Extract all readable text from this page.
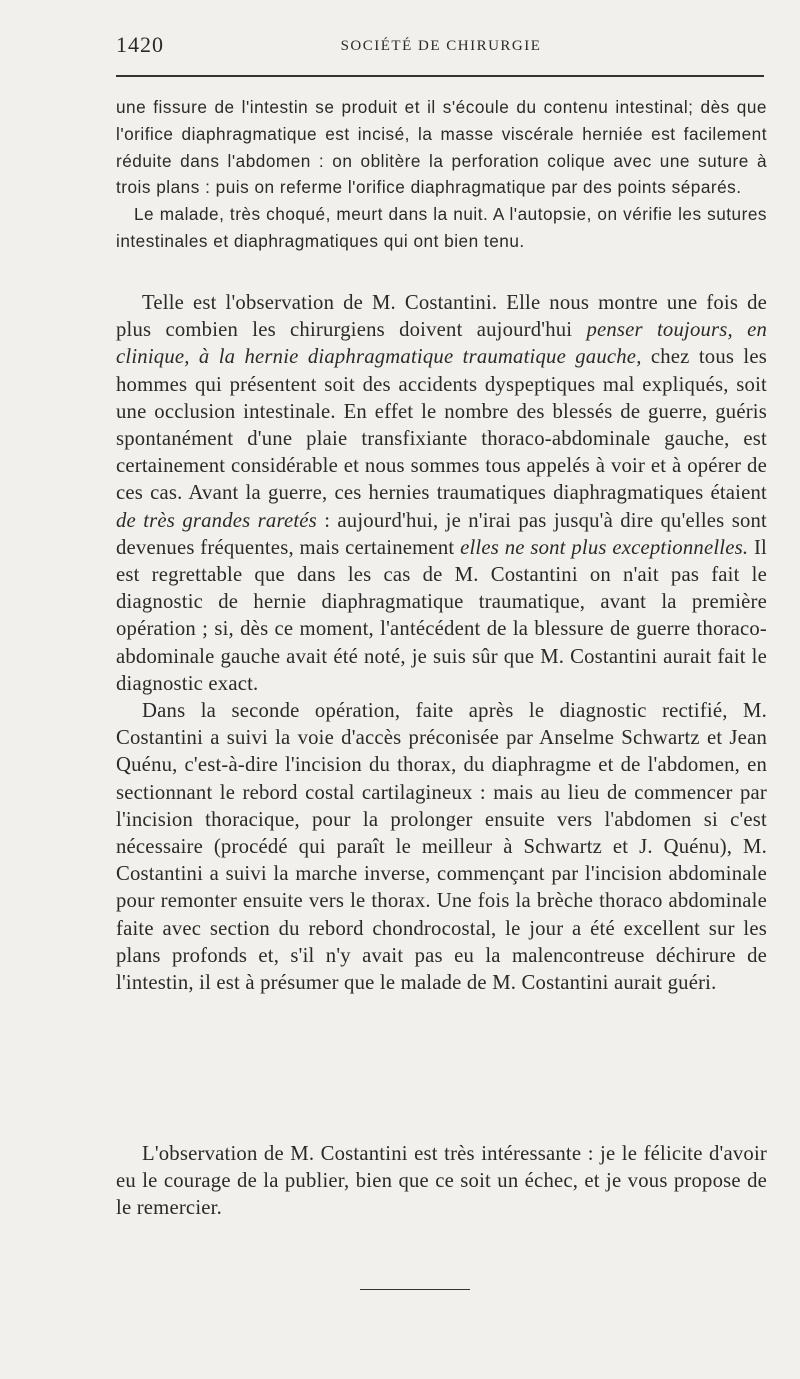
1420	SOCIÉTÉ DE CHIRURGIE

une fissure de l'intestin se produit et il s'écoule du contenu intestinal; dès que l'orifice diaphragmatique est incisé, la masse viscérale herniée est facilement réduite dans l'abdomen : on oblitère la perforation colique avec une suture à trois plans : puis on referme l'orifice diaphragmatique par des points séparés.

Le malade, très choqué, meurt dans la nuit. A l'autopsie, on vérifie les sutures intestinales et diaphragmatiques qui ont bien tenu.

Telle est l'observation de M. Costantini. Elle nous montre une fois de plus combien les chirurgiens doivent aujourd'hui penser toujours, en clinique, à la hernie diaphragmatique traumatique gauche, chez tous les hommes qui présentent soit des accidents dyspeptiques mal expliqués, soit une occlusion intestinale. En effet le nombre des blessés de guerre, guéris spontanément d'une plaie transfixiante thoraco-abdominale gauche, est certainement considérable et nous sommes tous appelés à voir et à opérer de ces cas. Avant la guerre, ces hernies traumatiques diaphragmatiques étaient de très grandes raretés : aujourd'hui, je n'irai pas jusqu'à dire qu'elles sont devenues fréquentes, mais certainement elles ne sont plus exceptionnelles. Il est regrettable que dans les cas de M. Costantini on n'ait pas fait le diagnostic de hernie diaphragmatique traumatique, avant la première opération ; si, dès ce moment, l'antécédent de la blessure de guerre thoraco-abdominale gauche avait été noté, je suis sûr que M. Costantini aurait fait le diagnostic exact.

Dans la seconde opération, faite après le diagnostic rectifié, M. Costantini a suivi la voie d'accès préconisée par Anselme Schwartz et Jean Quénu, c'est-à-dire l'incision du thorax, du diaphragme et de l'abdomen, en sectionnant le rebord costal cartilagineux : mais au lieu de commencer par l'incision thoracique, pour la prolonger ensuite vers l'abdomen si c'est nécessaire (procédé qui paraît le meilleur à Schwartz et J. Quénu), M. Costantini a suivi la marche inverse, commençant par l'incision abdominale pour remonter ensuite vers le thorax. Une fois la brèche thoraco abdominale faite avec section du rebord chondrocostal, le jour a été excellent sur les plans profonds et, s'il n'y avait pas eu la malencontreuse déchirure de l'intestin, il est à présumer que le malade de M. Costantini aurait guéri.

L'observation de M. Costantini est très intéressante : je le félicite d'avoir eu le courage de la publier, bien que ce soit un échec, et je vous propose de le remercier.
